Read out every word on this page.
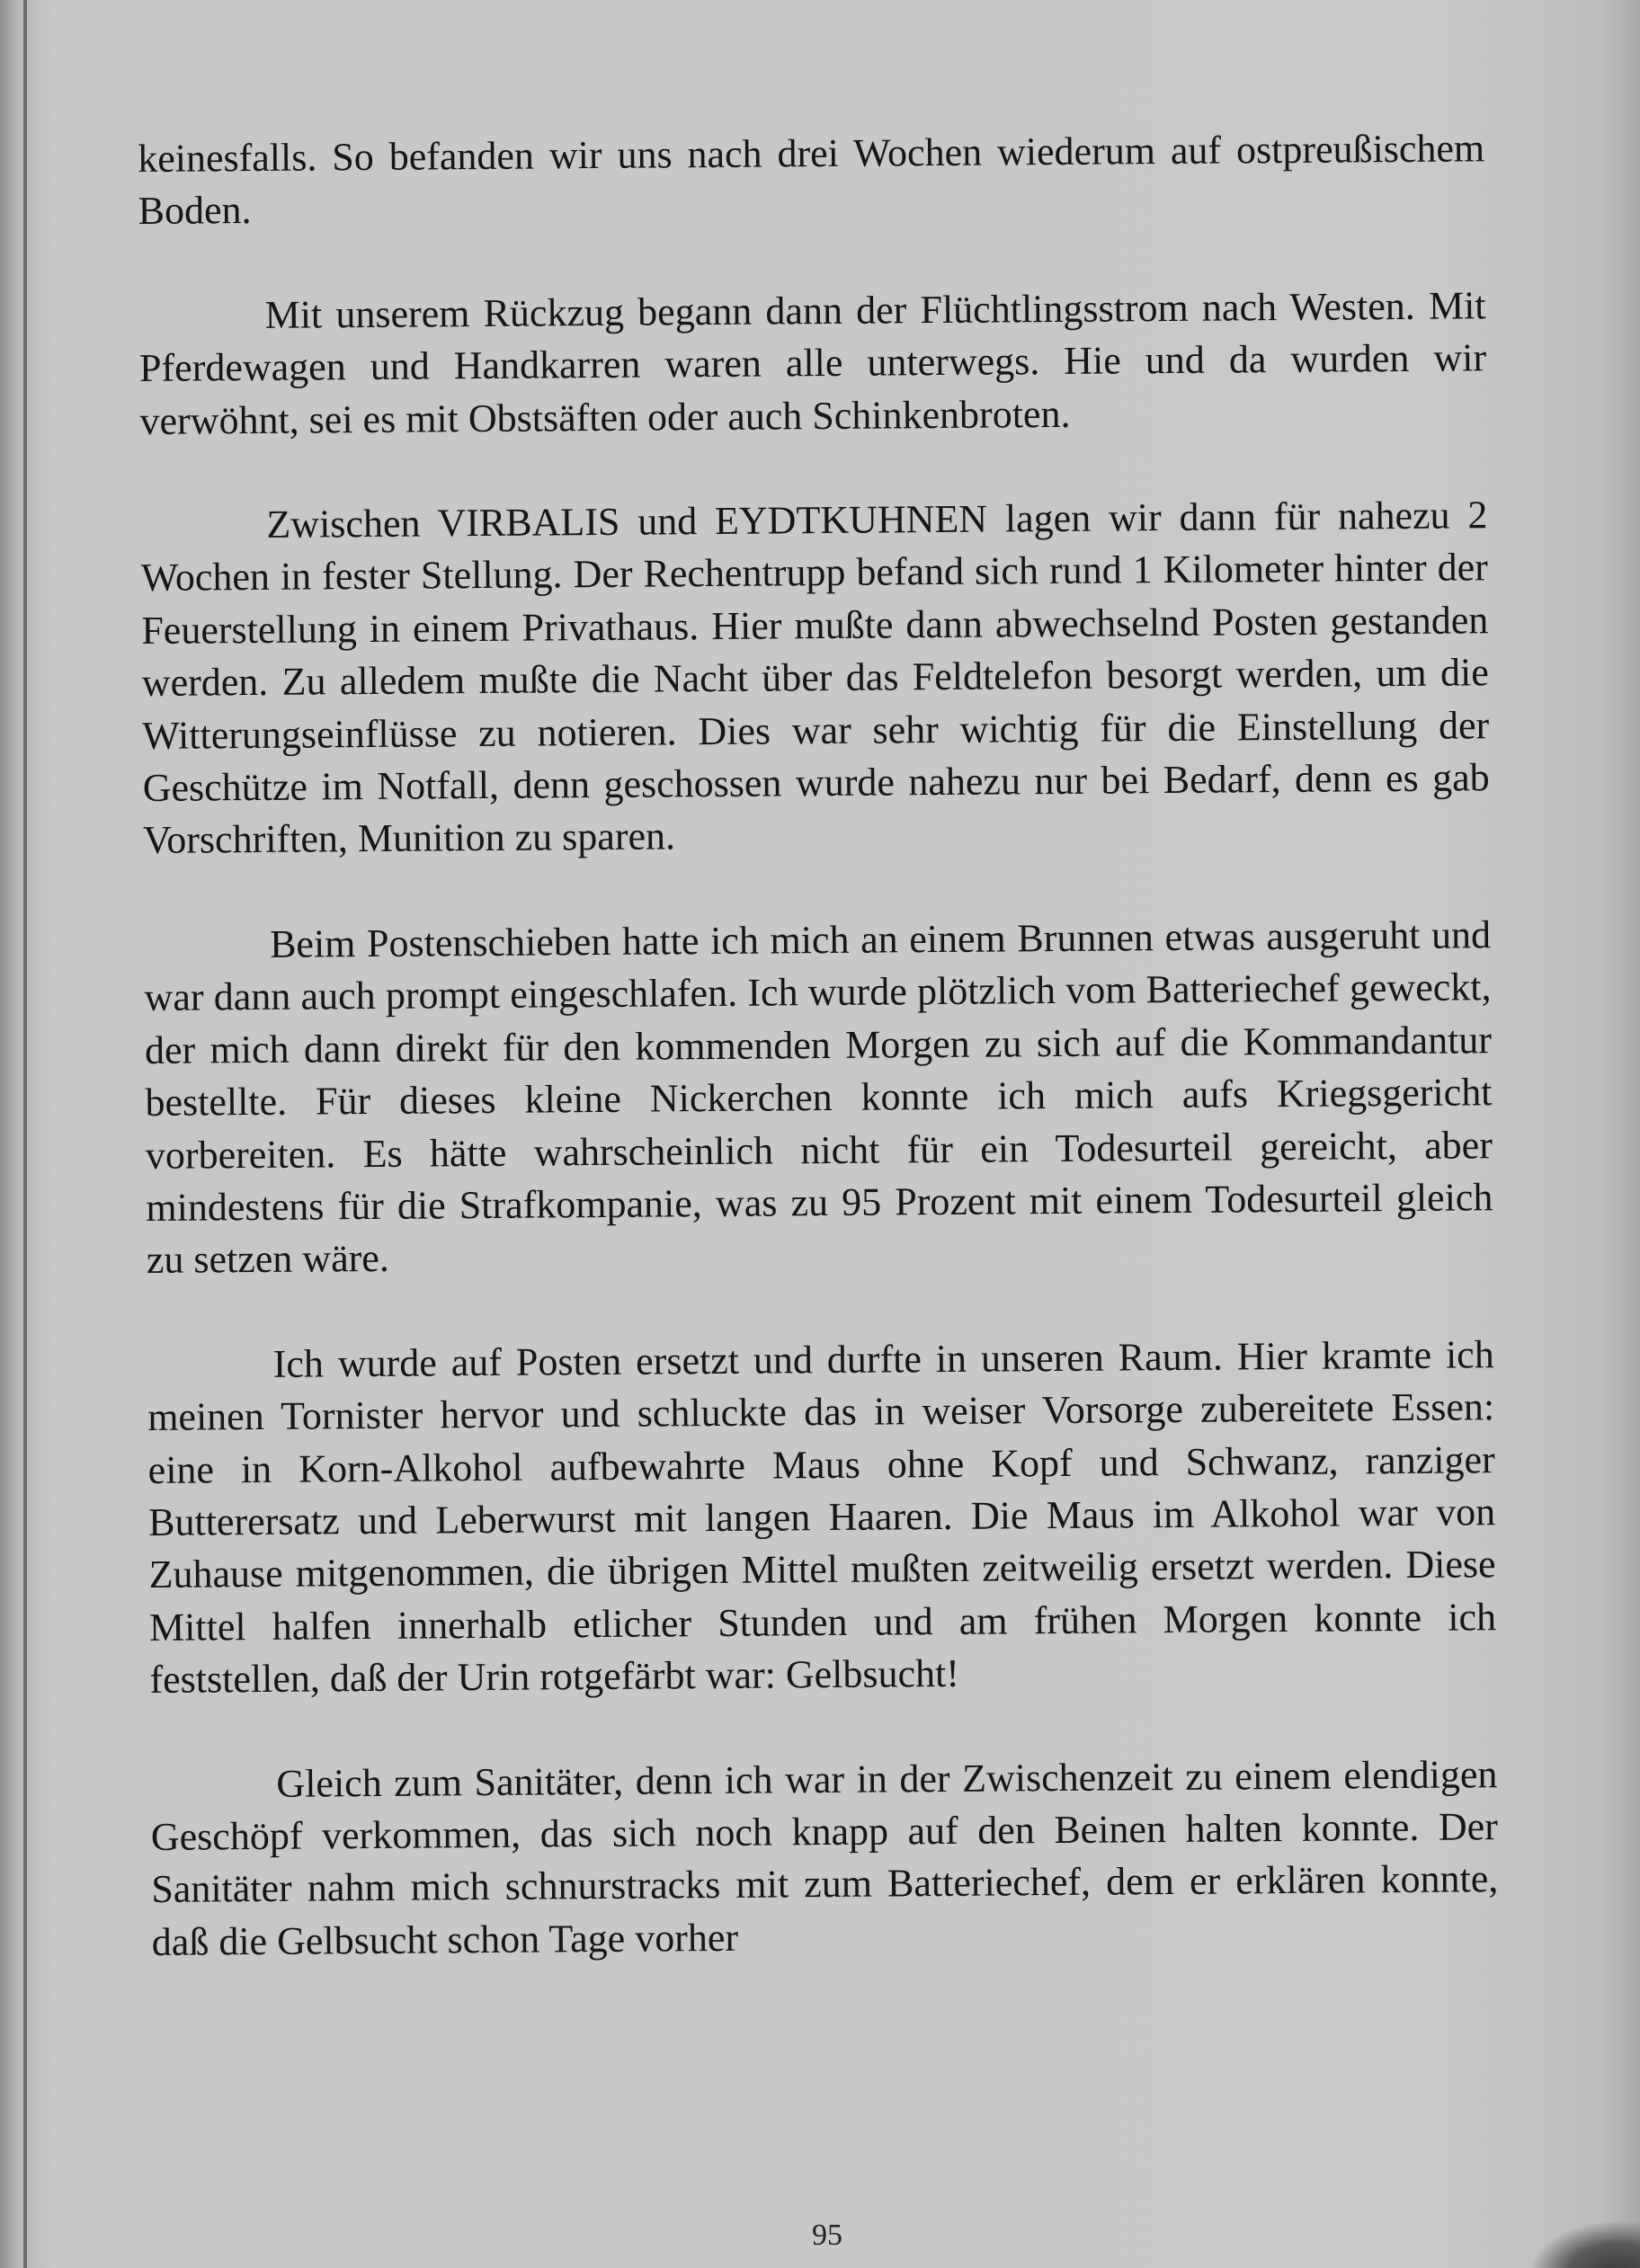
keinesfalls. So befanden wir uns nach drei Wochen wiederum auf ostpreußischem Boden.

Mit unserem Rückzug begann dann der Flüchtlingsstrom nach Westen. Mit Pferdewagen und Handkarren waren alle unterwegs. Hie und da wurden wir verwöhnt, sei es mit Obstsäften oder auch Schinkenbroten.

Zwischen VIRBALIS und EYDTKUHNEN lagen wir dann für nahezu 2 Wochen in fester Stellung. Der Rechentrupp befand sich rund 1 Kilometer hinter der Feuerstellung in einem Privathaus. Hier mußte dann abwechselnd Posten gestanden werden. Zu alledem mußte die Nacht über das Feldtelefon besorgt werden, um die Witterungseinflüsse zu notieren. Dies war sehr wichtig für die Einstellung der Geschütze im Notfall, denn geschossen wurde nahezu nur bei Bedarf, denn es gab Vorschriften, Munition zu sparen.

Beim Postenschieben hatte ich mich an einem Brunnen etwas ausgeruht und war dann auch prompt eingeschlafen. Ich wurde plötzlich vom Batteriechef geweckt, der mich dann direkt für den kommenden Morgen zu sich auf die Kommandantur bestellte. Für dieses kleine Nickerchen konnte ich mich aufs Kriegsgericht vorbereiten. Es hätte wahrscheinlich nicht für ein Todesurteil gereicht, aber mindestens für die Strafkompanie, was zu 95 Prozent mit einem Todesurteil gleich zu setzen wäre.

Ich wurde auf Posten ersetzt und durfte in unseren Raum. Hier kramte ich meinen Tornister hervor und schluckte das in weiser Vorsorge zubereitete Essen: eine in Korn-Alkohol aufbewahrte Maus ohne Kopf und Schwanz, ranziger Butterersatz und Leberwurst mit langen Haaren. Die Maus im Alkohol war von Zuhause mitgenommen, die übrigen Mittel mußten zeitweilig ersetzt werden. Diese Mittel halfen innerhalb etlicher Stunden und am frühen Morgen konnte ich feststellen, daß der Urin rotgefärbt war: Gelbsucht!

Gleich zum Sanitäter, denn ich war in der Zwischenzeit zu einem elendigen Geschöpf verkommen, das sich noch knapp auf den Beinen halten konnte. Der Sanitäter nahm mich schnurstracks mit zum Batteriechef, dem er erklären konnte, daß die Gelbsucht schon Tage vorher

95
